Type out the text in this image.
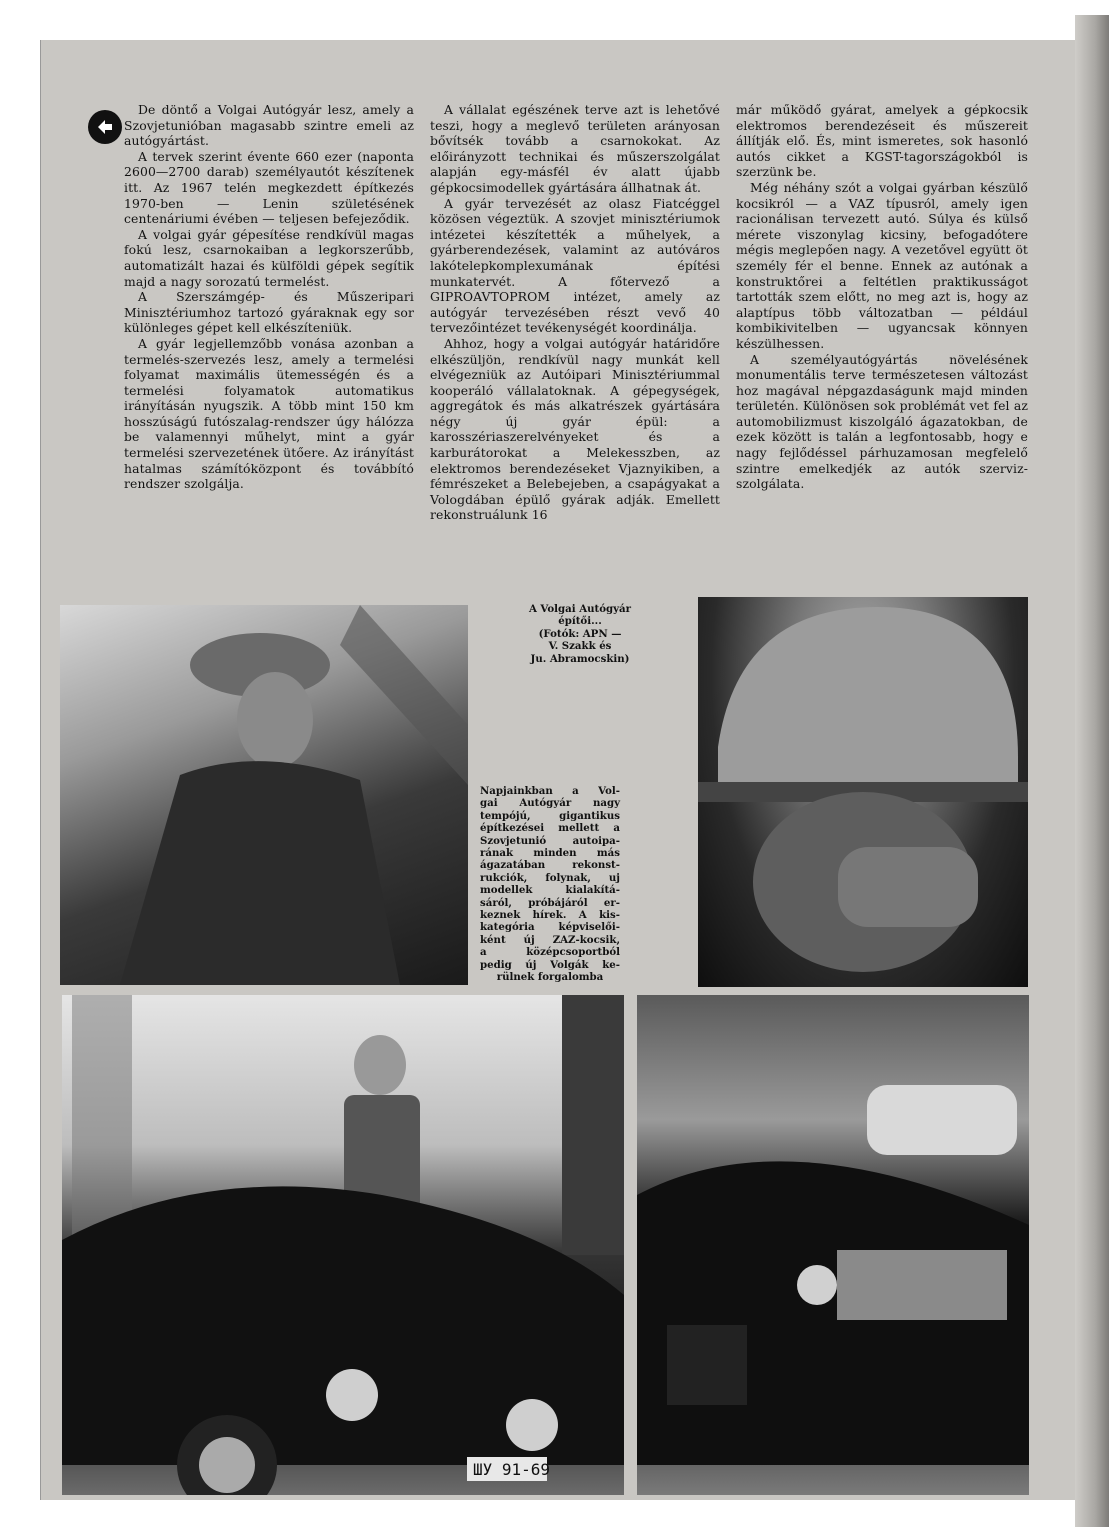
De döntő a Volgai Autógyár lesz, amely a Szovjetunióban magasabb szintre emeli az autógyártást.

A tervek szerint évente 660 ezer (naponta 2600—2700 darab) személyautót készítenek itt. Az 1967 telén megkezdett építkezés 1970-ben — Lenin születésének centenáriumi évében — teljesen befejeződik.

A volgai gyár gépesítése rendkívül magas fokú lesz, csarnokaiban a legkorszerűbb, automatizált hazai és külföldi gépek segítik majd a nagy sorozatú termelést.

A Szerszámgép- és Műszeripari Minisztériumhoz tartozó gyáraknak egy sor különleges gépet kell elkészíteniük.

A gyár legjellemzőbb vonása azonban a termelés-szervezés lesz, amely a termelési folyamat maximális ütemességén és a termelési folyamatok automatikus irányításán nyugszik. A több mint 150 km hosszúságú futószalag-rendszer úgy hálózza be valamennyi műhelyt, mint a gyár termelési szervezetének ütőere. Az irányítást hatalmas számítóközpont és továbbító rendszer szolgálja.

A vállalat egészének terve azt is lehetővé teszi, hogy a meglevő területen arányosan bővítsék tovább a csarnokokat. Az előirányzott technikai és műszerszolgálat alapján egy-másfél év alatt újabb gépkocsimodellek gyártására állhatnak át.

A gyár tervezését az olasz Fiatcéggel közösen végeztük. A szovjet minisztériumok intézetei készítették a műhelyek, a gyárberendezések, valamint az autóváros lakótelepkomplexumának építési munkatervét. A főtervező a GIPROAVTOPROM intézet, amely az autógyár tervezésében részt vevő 40 tervezőintézet tevékenységét koordinálja.

Ahhoz, hogy a volgai autógyár határidőre elkészüljön, rendkívül nagy munkát kell elvégezniük az Autóipari Minisztériummal kooperáló vállalatoknak. A gépegységek, aggregátok és más alkatrészek gyártására négy új gyár épül: a karosszériaszerelvényeket és a karburátorokat a Melekesszben, az elektromos berendezéseket Vjaznyikiben, a fémrészeket a Belebejeben, a csapágyakat a Vologdában épülő gyárak adják. Emellett rekonstruálunk 16

már működő gyárat, amelyek a gépkocsik elektromos berendezéseit és műszereit állítják elő. És, mint ismeretes, sok hasonló autós cikket a KGST-tagországokból is szerzünk be.

Még néhány szót a volgai gyárban készülő kocsikról — a VAZ típusról, amely igen racionálisan tervezett autó. Súlya és külső mérete viszonylag kicsiny, befogadótere mégis meglepően nagy. A vezetővel együtt öt személy fér el benne. Ennek az autónak a konstruktőrei a feltétlen praktikusságot tartották szem előtt, no meg azt is, hogy az alaptípus több változatban — például kombikivitelben — ugyancsak könnyen készülhessen.

A személyautógyártás növelésének monumentális terve természetesen változást hoz magával népgazdaságunk majd minden területén. Különösen sok problémát vet fel az automobilizmust kiszolgáló ágazatokban, de ezek között is talán a legfontosabb, hogy e nagy fejlődéssel párhuzamosan megfelelő szintre emelkedjék az autók szerviz-szolgálata.

A Volgai Autógyár
építői...
(Fotók: APN —
V. Szakk és
Ju. Abramocskin)
Napjainkban a Vol-
gai Autógyár nagy
tempójú, gigantikus
építkezései mellett a
Szovjetunió autoipa-
rának minden más
ágazatában rekonst-
rukciók, folynak, uj
modellek kialakítá-
sáról, próbájáról er-
keznek hírek. A kis-
kategória képviselői-
ként új ZAZ-kocsik,
a középcsoportból
pedig új Volgák ke-
rülnek forgalomba
ШУ 91-69
